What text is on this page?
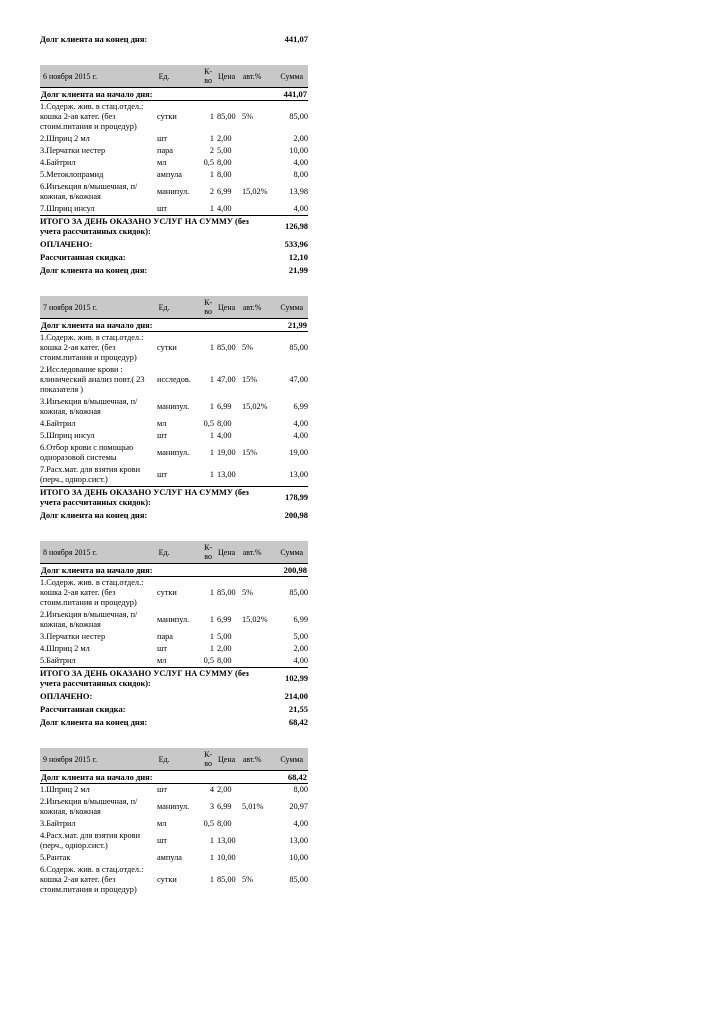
Долг клиента на конец дня:	441,07
6 ноября 2015 г.	Ед.	К-во Цена авт.%	Сумма
Долг клиента на начало дня:	441,07
1.Содерж. жив. в стац.отдел.: кошка 2-ая катег. (без стоим.питания и процедур)
сутки	1 85,00 5%	85,00
2.Шприц 2 мл	шт	1 2,00	2,00
3.Перчатки нестер	пара	2 5,00	10,00
4.Байтрил	мл	0,5 8,00	4,00
5.Метоклопрамид	ампула	1 8,00	8,00
6.Инъекция в/мышечная, п/кожная, в/кожная
манипул.	2 6,99	15,02%	13,98
7.Шприц инсул	шт	1 4,00	4,00
ИТОГО ЗА ДЕНЬ ОКАЗАНО УСЛУГ НА СУММУ (без учета рассчитанных скидок):
126,98
ОПЛАЧЕНО:	533,96
Рассчитанная скидка:	12,10
Долг клиента на конец дня:	21,99
7 ноября 2015 г.	Ед.	К-во Цена авт.%	Сумма
Долг клиента на начало дня:	21,99
1.Содерж. жив. в стац.отдел.: кошка 2-ая катег. (без стоим.питания и процедур)
сутки	1 85,00 5%	85,00
2.Исследование крови : клинический анализ повт.( 23 показателя )
исследов.	1 47,00 15%	47,00
3.Инъекция в/мышечная, п/кожная, в/кожная
манипул.	1 6,99	15,02%	6,99
4.Байтрил	мл	0,5 8,00	4,00
5.Шприц инсул	шт	1 4,00	4,00
6.Отбор крови с помощью одноразовой системы
манипул.	1 19,00 15%	19,00
7.Расх.мат. для взятия крови (перч., однор.сист.)
шт	1 13,00	13,00
ИТОГО ЗА ДЕНЬ ОКАЗАНО УСЛУГ НА СУММУ (без учета рассчитанных скидок):
178,99
Долг клиента на конец дня:	200,98
8 ноября 2015 г.	Ед.	К-во Цена авт.%	Сумма
Долг клиента на начало дня:	200,98
1.Содерж. жив. в стац.отдел.: кошка 2-ая катег. (без стоим.питания и процедур)
сутки	1 85,00 5%	85,00
2.Инъекция в/мышечная, п/кожная, в/кожная
манипул.	1 6,99	15,02%	6,99
3.Перчатки нестер	пара	1 5,00	5,00
4.Шприц 2 мл	шт	1 2,00	2,00
5.Байтрил	мл	0,5 8,00	4,00
ИТОГО ЗА ДЕНЬ ОКАЗАНО УСЛУГ НА СУММУ (без учета рассчитанных скидок):
102,99
ОПЛАЧЕНО:	214,00
Рассчитанная скидка:	21,55
Долг клиента на конец дня:	68,42
9 ноября 2015 г.	Ед.	К-во Цена авт.%	Сумма
Долг клиента на начало дня:	68,42
1.Шприц 2 мл	шт	4 2,00	8,00
2.Инъекция в/мышечная, п/кожная, в/кожная
манипул.	3 6,99	5,01%	20,97
3.Байтрил	мл	0,5 8,00	4,00
4.Расх.мат. для взятия крови (перч., однор.сист.)
шт	1 13,00	13,00
5.Рантак	ампула	1 10,00	10,00
6.Содерж. жив. в стац.отдел.: кошка 2-ая катег. (без стоим.питания и процедур)
сутки	1 85,00 5%	85,00
